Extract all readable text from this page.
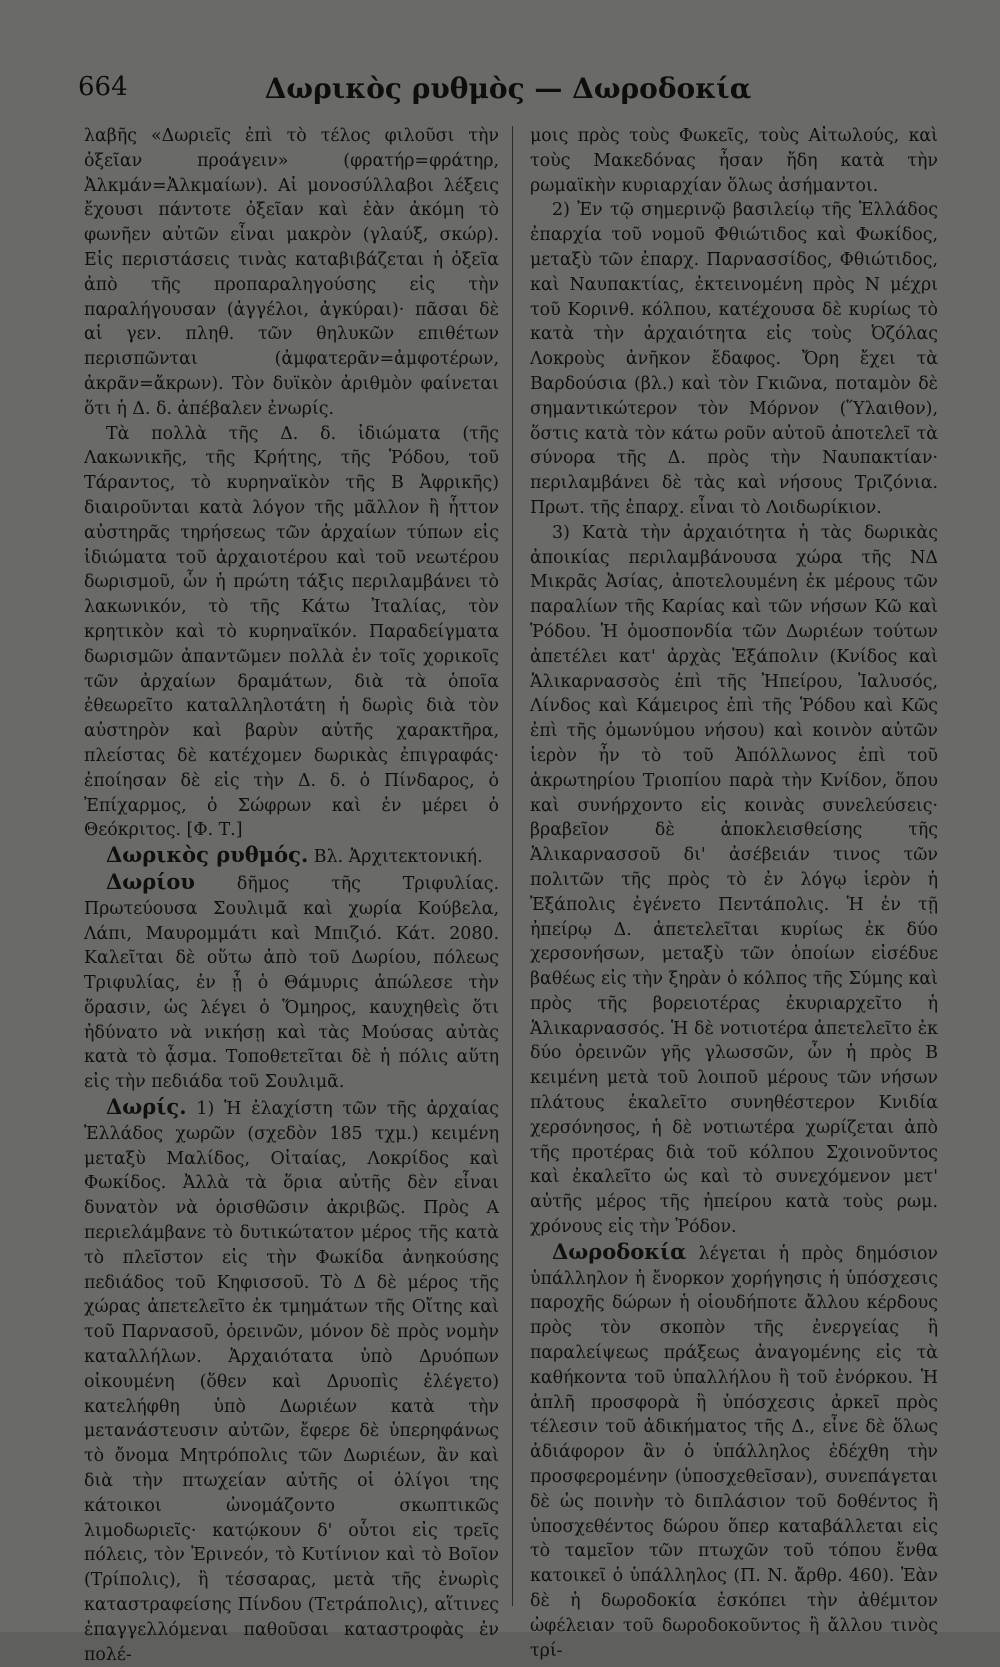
664	Δωρικὸς ρυθμὸς — Δωροδοκία

λαβῆς «Δωριεῖς ἐπὶ τὸ τέλος φιλοῦσι τὴν ὀξεῖαν προάγειν» (φρατήρ=φράτηρ, Ἀλκμάν=Ἀλκμαίων). Αἱ μονοσύλλαβοι λέξεις ἔχουσι πάντοτε ὀξεῖαν καὶ ἐὰν ἀκόμη τὸ φωνῆεν αὐτῶν εἶναι μακρὸν (γλαύξ, σκώρ). Εἰς περιστάσεις τινὰς καταβιβάζεται ἡ ὀξεῖα ἀπὸ τῆς προπαραληγούσης εἰς τὴν παραλήγουσαν (ἀγγέλοι, ἀγκύραι)· πᾶσαι δὲ αἱ γεν. πληθ. τῶν θηλυκῶν επιθέτων περισπῶνται (ἀμφατερᾶν=ἀμφοτέρων, ἀκρᾶν=ἄκρων). Τὸν δυϊκὸν ἀριθμὸν φαίνεται ὅτι ἡ Δ. δ. ἀπέβαλεν ἐνωρίς.

Τὰ πολλὰ τῆς Δ. δ. ἰδιώματα (τῆς Λακωνικῆς, τῆς Κρήτης, τῆς Ῥόδου, τοῦ Τάραντος, τὸ κυρηναϊκὸν τῆς Β Ἀφρικῆς) διαιροῦνται κατὰ λόγον τῆς μᾶλλον ἢ ἧττον αὐστηρᾶς τηρήσεως τῶν ἀρχαίων τύπων εἰς ἰδιώματα τοῦ ἀρχαιοτέρου καὶ τοῦ νεωτέρου δωρισμοῦ, ὧν ἡ πρώτη τάξις περιλαμβάνει τὸ λακωνικόν, τὸ τῆς Κάτω Ἰταλίας, τὸν κρητικὸν καὶ τὸ κυρηναϊκόν. Παραδείγματα δωρισμῶν ἀπαντῶμεν πολλὰ ἐν τοῖς χορικοῖς τῶν ἀρχαίων δραμάτων, διὰ τὰ ὁποῖα ἐθεωρεῖτο καταλληλοτάτη ἡ δωρὶς διὰ τὸν αὐστηρὸν καὶ βαρὺν αὐτῆς χαρακτῆρα, πλείστας δὲ κατέχομεν δωρικὰς ἐπιγραφάς· ἐποίησαν δὲ εἰς τὴν Δ. δ. ὁ Πίνδαρος, ὁ Ἐπίχαρμος, ὁ Σώφρων καὶ ἐν μέρει ὁ Θεόκριτος. [Φ. Τ.]

Δωρικὸς ρυθμός. Βλ. Ἀρχιτεκτονική.

Δωρίου δῆμος τῆς Τριφυλίας. Πρωτεύουσα Σουλιμᾶ καὶ χωρία Κούβελα, Λάπι, Μαυρομμάτι καὶ Μπιζιό. Κάτ. 2080. Καλεῖται δὲ οὕτω ἀπὸ τοῦ Δωρίου, πόλεως Τριφυλίας, ἐν ᾗ ὁ Θάμυρις ἀπώλεσε τὴν ὅρασιν, ὡς λέγει ὁ Ὅμηρος, καυχηθεὶς ὅτι ἠδύνατο νὰ νικήσῃ καὶ τὰς Μούσας αὐτὰς κατὰ τὸ ᾆσμα. Τοποθετεῖται δὲ ἡ πόλις αὕτη εἰς τὴν πεδιάδα τοῦ Σουλιμᾶ.

Δωρίς. 1) Ἡ ἐλαχίστη τῶν τῆς ἀρχαίας Ἑλλάδος χωρῶν (σχεδὸν 185 τχμ.) κειμένη μεταξὺ Μαλίδος, Οἰταίας, Λοκρίδος καὶ Φωκίδος. Ἀλλὰ τὰ ὅρια αὐτῆς δὲν εἶναι δυνατὸν νὰ ὁρισθῶσιν ἀκριβῶς. Πρὸς Α περιελάμβανε τὸ δυτικώτατον μέρος τῆς κατὰ τὸ πλεῖστον εἰς τὴν Φωκίδα ἀνηκούσης πεδιάδος τοῦ Κηφισσοῦ. Τὸ Δ δὲ μέρος τῆς χώρας ἀπετελεῖτο ἐκ τμημάτων τῆς Οἴτης καὶ τοῦ Παρνασοῦ, ὀρεινῶν, μόνον δὲ πρὸς νομὴν καταλλήλων. Ἀρχαιότατα ὑπὸ Δρυόπων οἰκουμένη (ὅθεν καὶ Δρυοπὶς ἐλέγετο) κατελήφθη ὑπὸ Δωριέων κατὰ τὴν μετανάστευσιν αὐτῶν, ἔφερε δὲ ὑπερηφάνως τὸ ὄνομα Μητρόπολις τῶν Δωριέων, ἂν καὶ διὰ τὴν πτωχείαν αὐτῆς οἱ ὀλίγοι της κάτοικοι ὠνομάζοντο σκωπτικῶς λιμοδωριεῖς· κατῴκουν δ' οὗτοι εἰς τρεῖς πόλεις, τὸν Ἐρινεόν, τὸ Κυτίνιον καὶ τὸ Βοῖον (Τρίπολις), ἢ τέσσαρας, μετὰ τῆς ἐνωρὶς καταστραφείσης Πίνδου (Τετράπολις), αἵτινες ἐπαγγελλόμεναι παθοῦσαι καταστροφὰς ἐν πολέ-

μοις πρὸς τοὺς Φωκεῖς, τοὺς Αἰτωλούς, καὶ τοὺς Μακεδόνας ἦσαν ἤδη κατὰ τὴν ρωμαϊκὴν κυριαρχίαν ὅλως ἀσήμαντοι.

2) Ἐν τῷ σημερινῷ βασιλείῳ τῆς Ἑλλάδος ἐπαρχία τοῦ νομοῦ Φθιώτιδος καὶ Φωκίδος, μεταξὺ τῶν ἐπαρχ. Παρνασσίδος, Φθιώτιδος, καὶ Ναυπακτίας, ἐκτεινομένη πρὸς Ν μέχρι τοῦ Κορινθ. κόλπου, κατέχουσα δὲ κυρίως τὸ κατὰ τὴν ἀρχαιότητα εἰς τοὺς Ὀζόλας Λοκροὺς ἀνῆκον ἔδαφος. Ὄρη ἔχει τὰ Βαρδούσια (βλ.) καὶ τὸν Γκιῶνα, ποταμὸν δὲ σημαντικώτερον τὸν Μόρνον (Ὕλαιθον), ὅστις κατὰ τὸν κάτω ροῦν αὐτοῦ ἀποτελεῖ τὰ σύνορα τῆς Δ. πρὸς τὴν Ναυπακτίαν· περιλαμβάνει δὲ τὰς καὶ νήσους Τριζόνια. Πρωτ. τῆς ἐπαρχ. εἶναι τὸ Λοιδωρίκιον.

3) Κατὰ τὴν ἀρχαιότητα ἡ τὰς δωρικὰς ἀποικίας περιλαμβάνουσα χώρα τῆς ΝΔ Μικρᾶς Ἀσίας, ἀποτελουμένη ἐκ μέρους τῶν παραλίων τῆς Καρίας καὶ τῶν νήσων Κῶ καὶ Ῥόδου. Ἡ ὁμοσπονδία τῶν Δωριέων τούτων ἀπετέλει κατ' ἀρχὰς Ἑξάπολιν (Κνίδος καὶ Ἁλικαρνασσὸς ἐπὶ τῆς Ἠπείρου, Ἰαλυσός, Λίνδος καὶ Κάμειρος ἐπὶ τῆς Ῥόδου καὶ Κῶς ἐπὶ τῆς ὁμωνύμου νήσου) καὶ κοινὸν αὐτῶν ἱερὸν ἦν τὸ τοῦ Ἀπόλλωνος ἐπὶ τοῦ ἀκρωτηρίου Τριοπίου παρὰ τὴν Κνίδον, ὅπου καὶ συνήρχοντο εἰς κοινὰς συνελεύσεις· βραβεῖον δὲ ἀποκλεισθείσης τῆς Ἁλικαρνασσοῦ δι' ἀσέβειάν τινος τῶν πολιτῶν τῆς πρὸς τὸ ἐν λόγῳ ἱερὸν ἡ Ἑξάπολις ἐγένετο Πεντάπολις. Ἡ ἐν τῇ ἠπείρῳ Δ. ἀπετελεῖται κυρίως ἐκ δύο χερσονήσων, μεταξὺ τῶν ὁποίων εἰσέδυε βαθέως εἰς τὴν ξηρὰν ὁ κόλπος τῆς Σύμης καὶ πρὸς τῆς βορειοτέρας ἐκυριαρχεῖτο ἡ Ἁλικαρνασσός. Ἡ δὲ νοτιοτέρα ἀπετελεῖτο ἐκ δύο ὀρεινῶν γῆς γλωσσῶν, ὧν ἡ πρὸς Β κειμένη μετὰ τοῦ λοιποῦ μέρους τῶν νήσων πλάτους ἐκαλεῖτο συνηθέστερον Κνιδία χερσόνησος, ἡ δὲ νοτιωτέρα χωρίζεται ἀπὸ τῆς προτέρας διὰ τοῦ κόλπου Σχοινοῦντος καὶ ἐκαλεῖτο ὡς καὶ τὸ συνεχόμενον μετ' αὐτῆς μέρος τῆς ἠπείρου κατὰ τοὺς ρωμ. χρόνους εἰς τὴν Ῥόδον.

Δωροδοκία λέγεται ἡ πρὸς δημόσιον ὑπάλληλον ἡ ἔνορκον χορήγησις ἡ ὑπόσχεσις παροχῆς δώρων ἡ οἱουδήποτε ἄλλου κέρδους πρὸς τὸν σκοπὸν τῆς ἐνεργείας ἢ παραλείψεως πράξεως ἀναγομένης εἰς τὰ καθήκοντα τοῦ ὑπαλλήλου ἢ τοῦ ἐνόρκου. Ἡ ἁπλῆ προσφορὰ ἢ ὑπόσχεσις ἀρκεῖ πρὸς τέλεσιν τοῦ ἀδικήματος τῆς Δ., εἶνε δὲ ὅλως ἀδιάφορον ἂν ὁ ὑπάλληλος ἐδέχθη τὴν προσφερομένην (ὑποσχεθεῖσαν), συνεπάγεται δὲ ὡς ποινὴν τὸ διπλάσιον τοῦ δοθέντος ἢ ὑποσχεθέντος δώρου ὅπερ καταβάλλεται εἰς τὸ ταμεῖον τῶν πτωχῶν τοῦ τόπου ἔνθα κατοικεῖ ὁ ὑπάλληλος (Π. Ν. ἄρθρ. 460). Ἐὰν δὲ ἡ δωροδοκία ἐσκόπει τὴν ἀθέμιτον ὠφέλειαν τοῦ δωροδοκοῦντος ἢ ἄλλου τινὸς τρί-
